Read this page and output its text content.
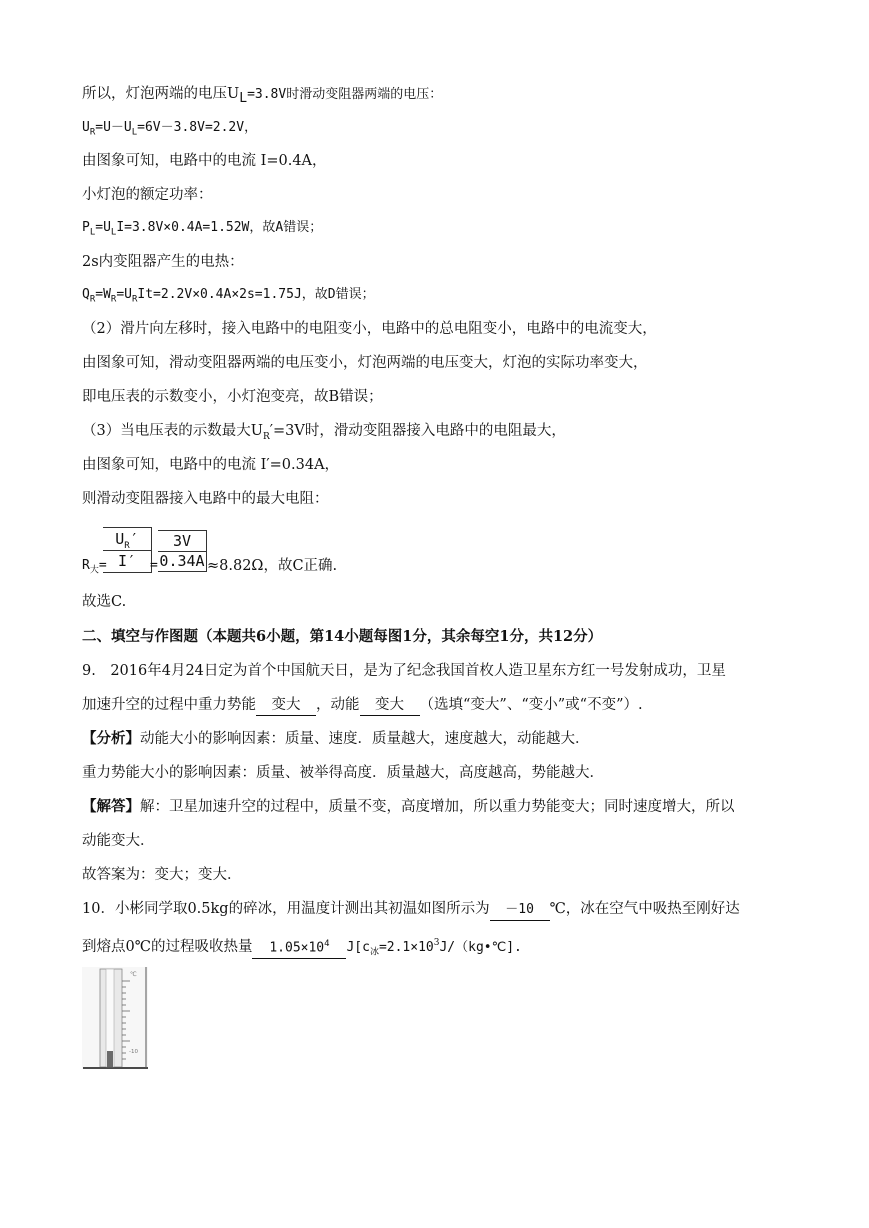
所以，灯泡两端的电压$U_L=3.8V$时滑动变阻器两端的电压：
$U_R=U-U_L=6V-3.8V=2.2V$，
由图象可知，电路中的电流 I=0.4A，
小灯泡的额定功率：
$P_L=U_LI=3.8V\times 0.4A=1.52W$，故A错误；
2s内变阻器产生的电热：
$Q_R=W_R=U_RIt=2.2V\times 0.4A\times 2s=1.75J$，故D错误；
（2）滑片向左移时，接入电路中的电阻变小，电路中的总电阻变小，电路中的电流变大，
由图象可知，滑动变阻器两端的电压变小，灯泡两端的电压变大，灯泡的实际功率变大，
即电压表的示数变小，小灯泡变亮，故B错误；
（3）当电压表的示数最大$U_R'=3V$时，滑动变阻器接入电路中的电阻最大，
由图象可知，电路中的电流 I′=0.34A，
则滑动变阻器接入电路中的最大电阻：
$R_大=$
$U_R'$
I′	=
3V
0.34A ≈8.82Ω，故C正确.
故选C.
二、填空与作图题（本题共6小题，第14小题每图1分，其余每空1分，共12分）
9.　2016年4月24日定为首个中国航天日，是为了纪念我国首枚人造卫星东方红一号发射成功，卫星
加速升空的过程中重力势能 变大 ，动能 变大 （选填“变大”、“变小”或“不变”）.
【分析】动能大小的影响因素：质量、速度．质量越大，速度越大，动能越大．
重力势能大小的影响因素：质量、被举得高度．质量越大，高度越高，势能越大．
【解答】解：卫星加速升空的过程中，质量不变，高度增加，所以重力势能变大；同时速度增大，所以
动能变大．
故答案为：变大；变大．
10．小彬同学取0.5kg的碎冰，用温度计测出其初温如图所示为 －10 ℃，冰在空气中吸热至刚好达
到熔点0℃的过程吸收热量 $1.05\times 10^4$ $J[c_冰=2.1\times 10^3J/(kg•℃]$.
℃
-10
